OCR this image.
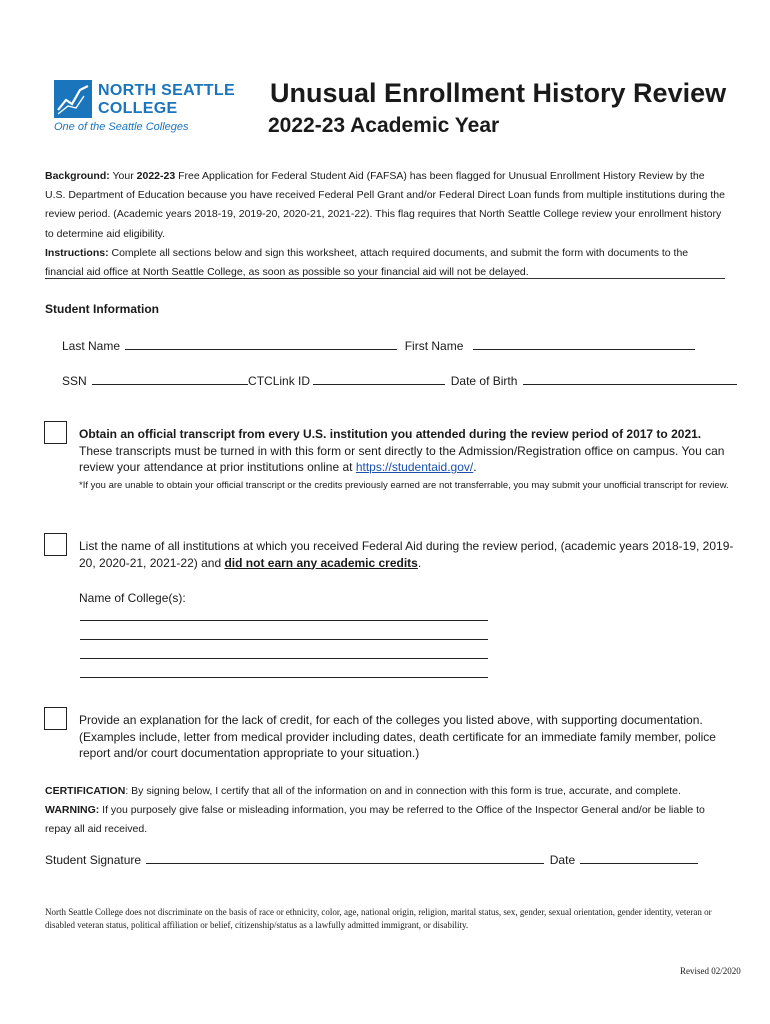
NORTH SEATTLE
COLLEGE
One of the Seattle Colleges
Unusual Enrollment History Review
2022-23 Academic Year
Background: Your 2022-23 Free Application for Federal Student Aid (FAFSA) has been flagged for Unusual Enrollment History Review by the U.S. Department of Education because you have received Federal Pell Grant and/or Federal Direct Loan funds from multiple institutions during the review period. (Academic years 2018-19, 2019-20, 2020-21, 2021-22). This flag requires that North Seattle College review your enrollment history to determine aid eligibility.
Instructions: Complete all sections below and sign this worksheet, attach required documents, and submit the form with documents to the financial aid office at North Seattle College, as soon as possible so your financial aid will not be delayed.
Student Information
Last Name	First Name
SSN	CTCLink ID	Date of Birth
Obtain an official transcript from every U.S. institution you attended during the review period of 2017 to 2021.
These transcripts must be turned in with this form or sent directly to the Admission/Registration office on campus. You can review your attendance at prior institutions online at https://studentaid.gov/.
*If you are unable to obtain your official transcript or the credits previously earned are not transferrable, you may submit your unofficial transcript for review.
List the name of all institutions at which you received Federal Aid during the review period, (academic years 2018-19, 2019-20, 2020-21, 2021-22) and did not earn any academic credits.
Name of College(s):
Provide an explanation for the lack of credit, for each of the colleges you listed above, with supporting documentation. (Examples include, letter from medical provider including dates, death certificate for an immediate family member, police report and/or court documentation appropriate to your situation.)
CERTIFICATION: By signing below, I certify that all of the information on and in connection with this form is true, accurate, and complete. WARNING: If you purposely give false or misleading information, you may be referred to the Office of the Inspector General and/or be liable to repay all aid received.
Student Signature	Date
North Seattle College does not discriminate on the basis of race or ethnicity, color, age, national origin, religion, marital status, sex, gender, sexual orientation, gender identity, veteran or disabled veteran status, political affiliation or belief, citizenship/status as a lawfully admitted immigrant, or disability.
Revised 02/2020
